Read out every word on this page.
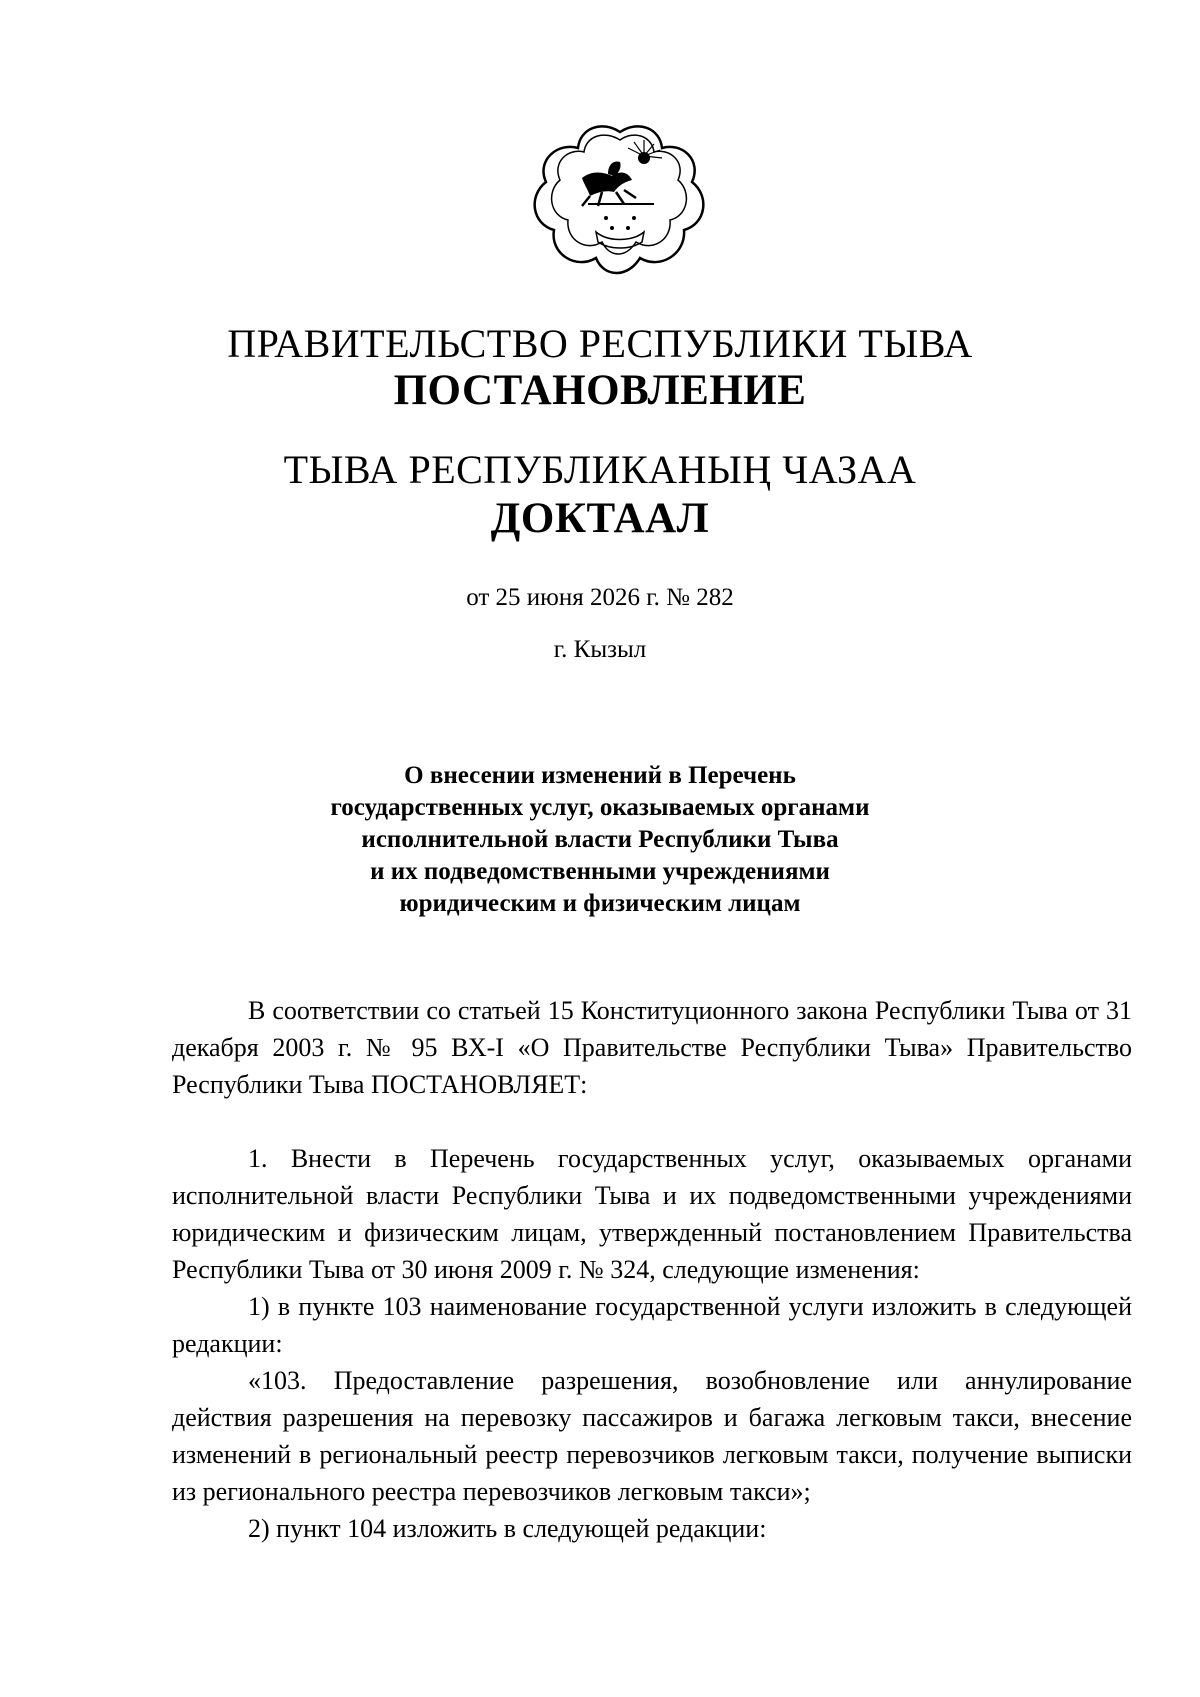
ПРАВИТЕЛЬСТВО РЕСПУБЛИКИ ТЫВА
ПОСТАНОВЛЕНИЕ
ТЫВА РЕСПУБЛИКАНЫҢ ЧАЗАА
ДОКТААЛ
от 25 июня 2026 г. № 282
г. Кызыл
О внесении изменений в Перечень
государственных услуг, оказываемых органами
исполнительной власти Республики Тыва
и их подведомственными учреждениями
юридическим и физическим лицам

В соответствии со статьей 15 Конституционного закона Республики Тыва от 31 декабря 2003 г. № 95 ВХ-I «О Правительстве Республики Тыва» Правительство Республики Тыва ПОСТАНОВЛЯЕТ:

1. Внести в Перечень государственных услуг, оказываемых органами исполнительной власти Республики Тыва и их подведомственными учреждениями юридическим и физическим лицам, утвержденный постановлением Правительства Республики Тыва от 30 июня 2009 г. № 324, следующие изменения:

1) в пункте 103 наименование государственной услуги изложить в следующей редакции:

«103. Предоставление разрешения, возобновление или аннулирование действия разрешения на перевозку пассажиров и багажа легковым такси, внесение изменений в региональный реестр перевозчиков легковым такси, получение выписки из регионального реестра перевозчиков легковым такси»;

2) пункт 104 изложить в следующей редакции:
